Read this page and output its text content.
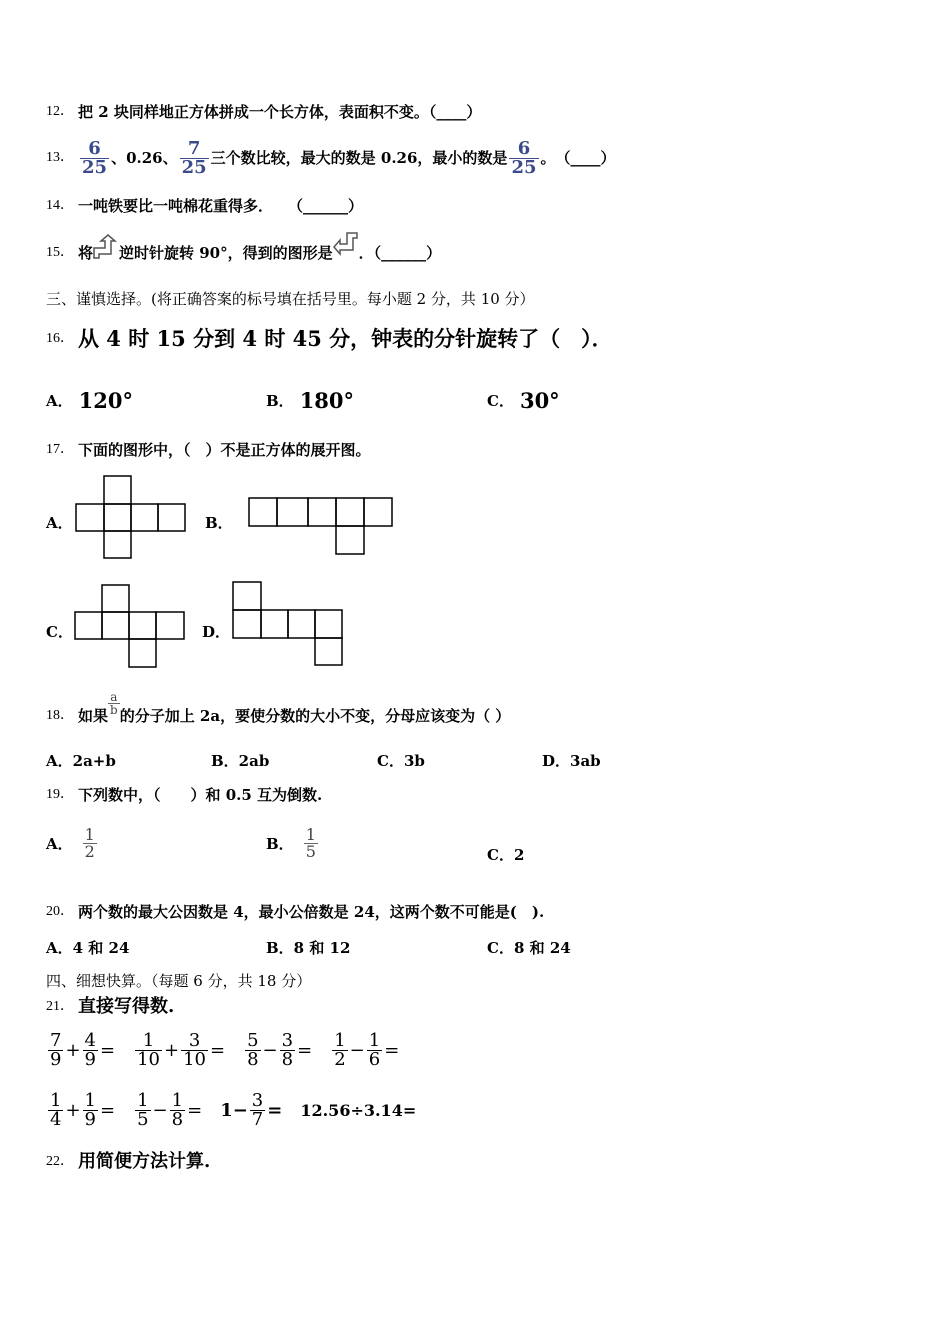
12． 把 2 块同样地正方体拼成一个长方体，表面积不变。（____）
13． $\frac{6}{25}$ 、0.26、 $\frac{7}{25}$ 三个数比较，最大的数是 0.26，最小的数是 $\frac{6}{25}$ 。　（____）
14． 一吨铁要比一吨棉花重得多．　　（______）
15． 将 逆时针旋转 90°，得到的图形是 ．（______）
三、谨慎选择。(将正确答案的标号填在括号里。每小题 2 分，共 10 分）
16． 从 4 时 15 分到 4 时 45 分，钟表的分针旋转了（　）．
A． 120°	B． 180°	C． 30°
17． 下面的图形中，（　）不是正方体的展开图。
A．	B．
C．	D．
18． 如果 $\frac{a}{b}$ 的分子加上 2a，要使分数的大小不变，分母应该变为（ ）
A．2a+b	B．2ab	C．3b	D．3ab
19． 下列数中，（　　）和 0.5 互为倒数.
A． $\frac{1}{2}$	B． $\frac{1}{5}$	C．2
20． 两个数的最大公因数是 4，最小公倍数是 24，这两个数不可能是(　).
A．4 和 24	B．8 和 12	C．8 和 24
四、细想快算。（每题 6 分，共 18 分）
21． 直接写得数.
$\frac{7}{9} + \frac{4}{9} = \frac{1}{10} + \frac{3}{10} = \frac{5}{8} - \frac{3}{8} = \frac{1}{2} - \frac{1}{6}$ =
$\frac{1}{4} + \frac{1}{9} = \frac{1}{5} - \frac{1}{8} = 1- \frac{3}{7} = 12.56\div 3.14=$
22． 用简便方法计算.
